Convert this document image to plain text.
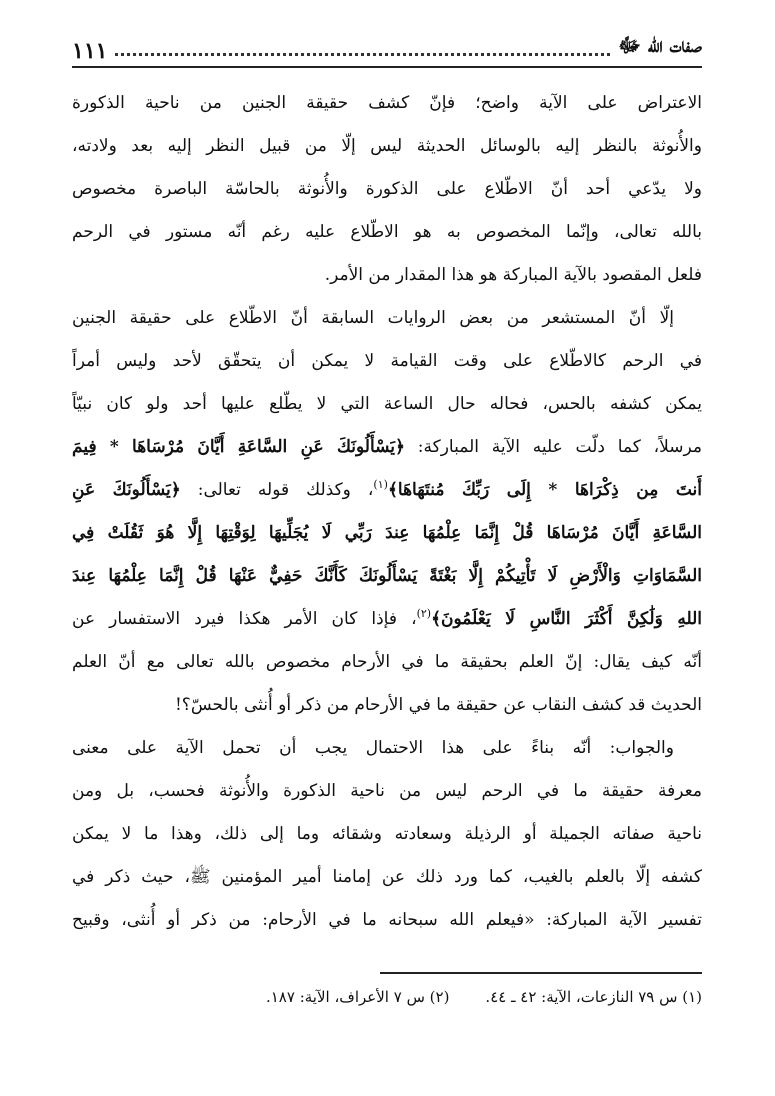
صفات الله ﷻ
١١١
الاعتراض على الآية واضح؛ فإنّ كشف حقيقة الجنين من ناحية الذكورة
والأُنوثة بالنظر إليه بالوسائل الحديثة ليس إلّا من قبيل النظر إليه بعد ولادته،
ولا يدّعي أحد أنّ الاطّلاع على الذكورة والأُنوثة بالحاسّة الباصرة مخصوص
بالله تعالى، وإنّما المخصوص به هو الاطّلاع عليه رغم أنّه مستور في الرحم
فلعل المقصود بالآية المباركة هو هذا المقدار من الأمر.
إلّا أنّ المستشعر من بعض الروايات السابقة أنّ الاطّلاع على حقيقة الجنين
في الرحم كالاطّلاع على وقت القيامة لا يمكن أن يتحقّق لأحد وليس أمراً
يمكن كشفه بالحس، فحاله حال الساعة التي لا يطّلع عليها أحد ولو كان نبيّاً
مرسلاً، كما دلّت عليه الآية المباركة: ﴿يَسْأَلُونَكَ عَنِ السَّاعَةِ أَيَّانَ مُرْسَاهَا * فِيمَ
أَنتَ مِن ذِكْرَاهَا * إِلَى رَبِّكَ مُنتَهَاهَا﴾$^{(١)}$، وكذلك قوله تعالى: ﴿يَسْأَلُونَكَ عَنِ
السَّاعَةِ أَيَّانَ مُرْسَاهَا قُلْ إِنَّمَا عِلْمُهَا عِندَ رَبِّي لَا يُجَلِّيهَا لِوَقْتِهَا إِلَّا هُوَ ثَقُلَتْ فِي
السَّمَاوَاتِ وَالْأَرْضِ لَا تَأْتِيكُمْ إِلَّا بَغْتَةً يَسْأَلُونَكَ كَأَنَّكَ حَفِيٌّ عَنْهَا قُلْ إِنَّمَا عِلْمُهَا عِندَ
اللهِ وَلَٰكِنَّ أَكْثَرَ النَّاسِ لَا يَعْلَمُونَ﴾$^{(٢)}$، فإذا كان الأمر هكذا فيرد الاستفسار عن
أنّه كيف يقال: إنّ العلم بحقيقة ما في الأرحام مخصوص بالله تعالى مع أنّ العلم
الحديث قد كشف النقاب عن حقيقة ما في الأرحام من ذكر أو أُنثى بالحسّ؟!
والجواب: أنّه بناءً على هذا الاحتمال يجب أن تحمل الآية على معنى
معرفة حقيقة ما في الرحم ليس من ناحية الذكورة والأُنوثة فحسب، بل ومن
ناحية صفاته الجميلة أو الرذيلة وسعادته وشقائه وما إلى ذلك، وهذا ما لا يمكن
كشفه إلّا بالعلم بالغيب، كما ورد ذلك عن إمامنا أمير المؤمنين ﷺ، حيث ذكر في
تفسير الآية المباركة: «فيعلم الله سبحانه ما في الأرحام: من ذكر أو أُنثى، وقبيح
(١) س ٧٩ النازعات، الآية: ٤٢ ـ ٤٤.
(٢) س ٧ الأعراف، الآية: ١٨٧.
